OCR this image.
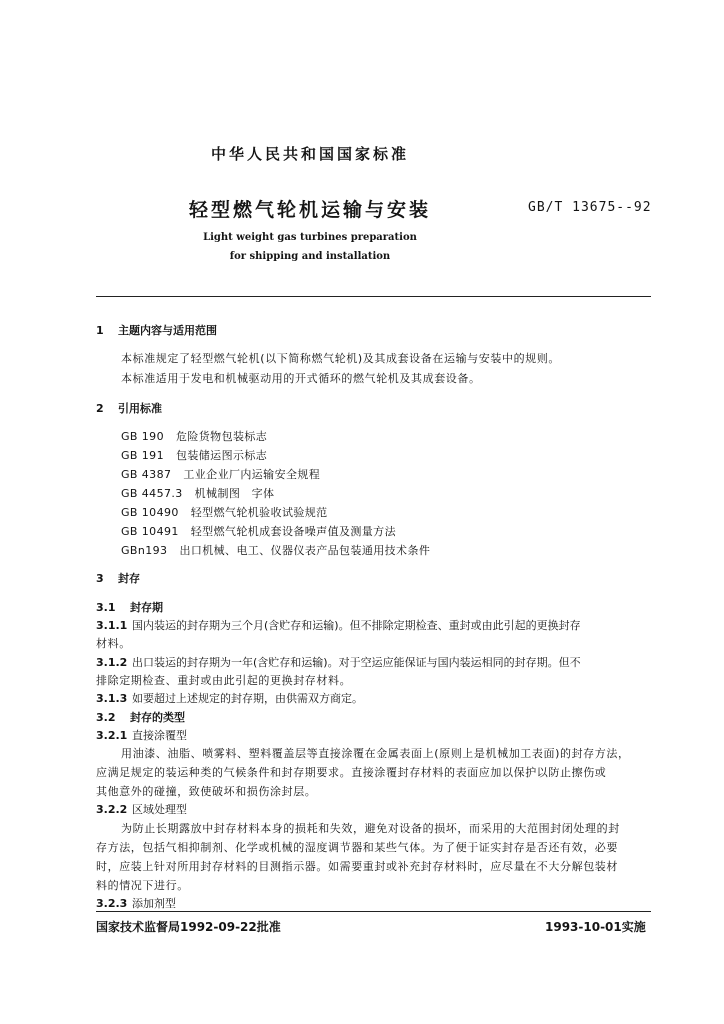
中华人民共和国国家标准
轻型燃气轮机运输与安装	GB/T 13675--92
Light weight gas turbines preparation
for shipping and installation
1 主题内容与适用范围
本标准规定了轻型燃气轮机(以下简称燃气轮机)及其成套设备在运输与安装中的规则。
本标准适用于发电和机械驱动用的开式循环的燃气轮机及其成套设备。
2 引用标准
GB 190 危险货物包装标志
GB 191 包装储运图示标志
GB 4387 工业企业厂内运输安全规程
GB 4457.3 机械制图　字体
GB 10490 轻型燃气轮机验收试验规范
GB 10491 轻型燃气轮机成套设备噪声值及测量方法
GBn193 出口机械、电工、仪器仪表产品包装通用技术条件
3 封存
3.1 封存期
3.1.1 国内装运的封存期为三个月(含贮存和运输)。但不排除定期检查、重封或由此引起的更换封存
材料。
3.1.2 出口装运的封存期为一年(含贮存和运输)。对于空运应能保证与国内装运相同的封存期。但不
排除定期检查、重封或由此引起的更换封存材料。
3.1.3 如要超过上述规定的封存期，由供需双方商定。
3.2 封存的类型
3.2.1 直接涂覆型
用油漆、油脂、喷雾料、塑料覆盖层等直接涂覆在金属表面上(原则上是机械加工表面)的封存方法，
应满足规定的装运种类的气候条件和封存期要求。直接涂覆封存材料的表面应加以保护以防止擦伤或
其他意外的碰撞，致使破坏和损伤涂封层。
3.2.2 区域处理型
为防止长期露放中封存材料本身的损耗和失效，避免对设备的损坏，而采用的大范围封闭处理的封
存方法，包括气相抑制剂、化学或机械的湿度调节器和某些气体。为了便于证实封存是否还有效，必要
时，应装上针对所用封存材料的目测指示器。如需要重封或补充封存材料时，应尽量在不大分解包装材
料的情况下进行。
3.2.3 添加剂型
国家技术监督局1992-09-22批准	1993-10-01实施
